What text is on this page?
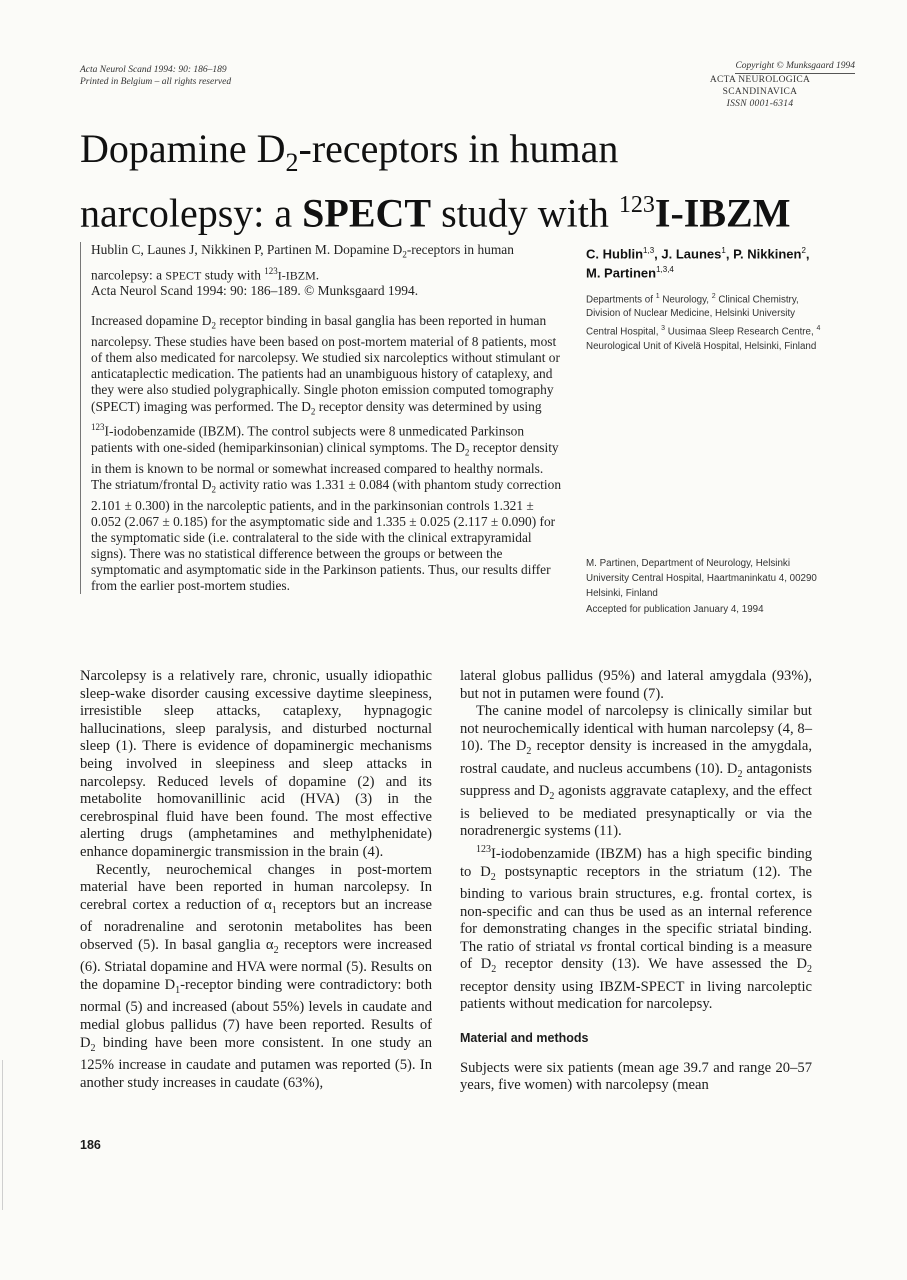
Acta Neurol Scand 1994: 90: 186–189
Printed in Belgium – all rights reserved
Copyright © Munksgaard 1994
ACTA NEUROLOGICA
SCANDINAVICA
ISSN 0001-6314
Dopamine $D_2$-receptors in human
narcolepsy: a SPECT study with $^{123}$I-IBZM

Hublin C, Launes J, Nikkinen P, Partinen M. Dopamine $D_2$-receptors in human narcolepsy: a SPECT study with $^{123}$I-IBZM.
Acta Neurol Scand 1994: 90: 186–189. © Munksgaard 1994.

Increased dopamine $D_2$ receptor binding in basal ganglia has been reported in human narcolepsy. These studies have been based on post-mortem material of 8 patients, most of them also medicated for narcolepsy. We studied six narcoleptics without stimulant or anticataplectic medication. The patients had an unambiguous history of cataplexy, and they were also studied polygraphically. Single photon emission computed tomography (SPECT) imaging was performed. The $D_2$ receptor density was determined by using $^{123}$I-iodobenzamide (IBZM). The control subjects were 8 unmedicated Parkinson patients with one-sided (hemiparkinsonian) clinical symptoms. The $D_2$ receptor density in them is known to be normal or somewhat increased compared to healthy normals. The striatum/frontal $D_2$ activity ratio was 1.331 ± 0.084 (with phantom study correction 2.101 ± 0.300) in the narcoleptic patients, and in the parkinsonian controls 1.321 ± 0.052 (2.067 ± 0.185) for the asymptomatic side and 1.335 ± 0.025 (2.117 ± 0.090) for the symptomatic side (i.e. contralateral to the side with the clinical extrapyramidal signs). There was no statistical difference between the groups or between the symptomatic and asymptomatic side in the Parkinson patients. Thus, our results differ from the earlier post-mortem studies.

C. Hublin$^{1,3}$, J. Launes$^1$, P. Nikkinen$^2$,
M. Partinen$^{1,3,4}$
Departments of $^1$ Neurology, $^2$ Clinical Chemistry, Division of Nuclear Medicine, Helsinki University Central Hospital, $^3$ Uusimaa Sleep Research Centre, $^4$ Neurological Unit of Kivelä Hospital, Helsinki, Finland
M. Partinen, Department of Neurology, Helsinki University Central Hospital, Haartmaninkatu 4, 00290 Helsinki, Finland
Accepted for publication January 4, 1994

Narcolepsy is a relatively rare, chronic, usually idiopathic sleep-wake disorder causing excessive daytime sleepiness, irresistible sleep attacks, cataplexy, hypnagogic hallucinations, sleep paralysis, and disturbed nocturnal sleep (1). There is evidence of dopaminergic mechanisms being involved in sleepiness and sleep attacks in narcolepsy. Reduced levels of dopamine (2) and its metabolite homovanillinic acid (HVA) (3) in the cerebrospinal fluid have been found. The most effective alerting drugs (amphetamines and methylphenidate) enhance dopaminergic transmission in the brain (4).

Recently, neurochemical changes in post-mortem material have been reported in human narcolepsy. In cerebral cortex a reduction of $\alpha_1$ receptors but an increase of noradrenaline and serotonin metabolites has been observed (5). In basal ganglia $\alpha_2$ receptors were increased (6). Striatal dopamine and HVA were normal (5). Results on the dopamine $D_1$-receptor binding were contradictory: both normal (5) and increased (about 55%) levels in caudate and medial globus pallidus (7) have been reported. Results of $D_2$ binding have been more consistent. In one study an 125% increase in caudate and putamen was reported (5). In another study increases in caudate (63%),

lateral globus pallidus (95%) and lateral amygdala (93%), but not in putamen were found (7).

The canine model of narcolepsy is clinically similar but not neurochemically identical with human narcolepsy (4, 8–10). The $D_2$ receptor density is increased in the amygdala, rostral caudate, and nucleus accumbens (10). $D_2$ antagonists suppress and $D_2$ agonists aggravate cataplexy, and the effect is believed to be mediated presynaptically or via the noradrenergic systems (11).

$^{123}$I-iodobenzamide (IBZM) has a high specific binding to $D_2$ postsynaptic receptors in the striatum (12). The binding to various brain structures, e.g. frontal cortex, is non-specific and can thus be used as an internal reference for demonstrating changes in the specific striatal binding. The ratio of striatal vs frontal cortical binding is a measure of $D_2$ receptor density (13). We have assessed the $D_2$ receptor density using IBZM-SPECT in living narcoleptic patients without medication for narcolepsy.

Material and methods

Subjects were six patients (mean age 39.7 and range 20–57 years, five women) with narcolepsy (mean

186
